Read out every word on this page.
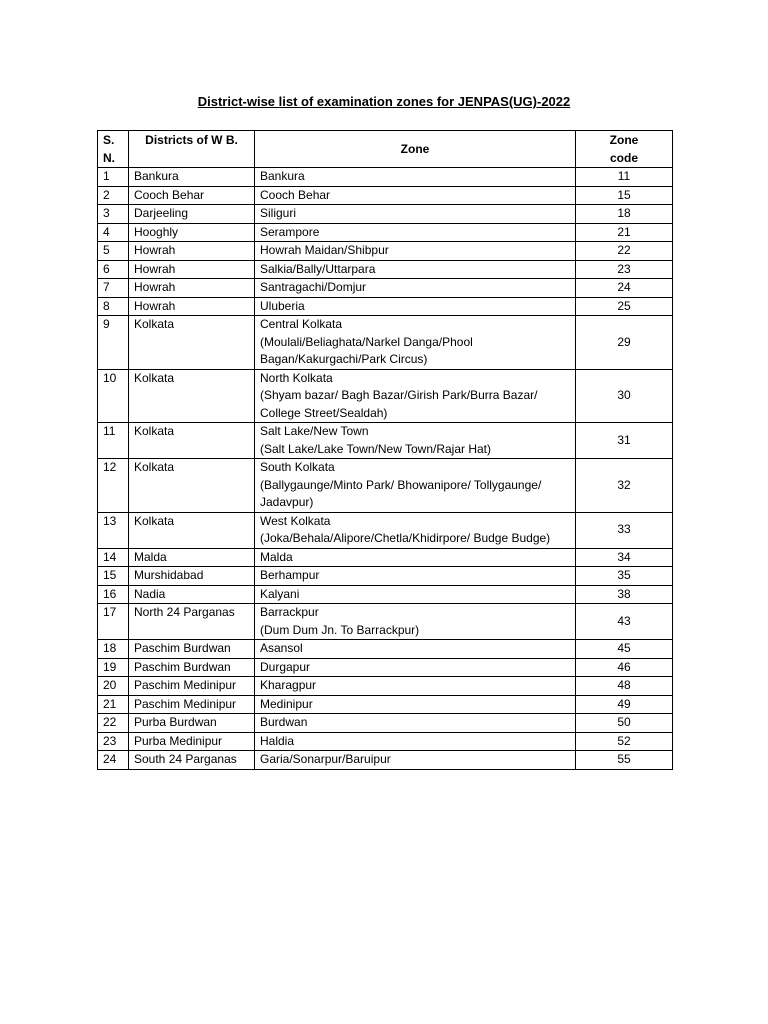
District-wise list of examination zones for JENPAS(UG)-2022
S. N.	Districts of W B.	Zone	Zone code
1	Bankura	Bankura	11
2	Cooch Behar	Cooch Behar	15
3	Darjeeling	Siliguri	18
4	Hooghly	Serampore	21
5	Howrah	Howrah Maidan/Shibpur	22
6	Howrah	Salkia/Bally/Uttarpara	23
7	Howrah	Santragachi/Domjur	24
8	Howrah	Uluberia	25
9	Kolkata	Central Kolkata
(Moulali/Beliaghata/Narkel Danga/Phool
Bagan/Kakurgachi/Park Circus)	29
10	Kolkata	North Kolkata
(Shyam bazar/ Bagh Bazar/Girish Park/Burra Bazar/
College Street/Sealdah)	30
11	Kolkata	Salt Lake/New Town
(Salt Lake/Lake Town/New Town/Rajar Hat)	31
12	Kolkata	South Kolkata
(Ballygaunge/Minto Park/ Bhowanipore/ Tollygaunge/
Jadavpur)	32
13	Kolkata	West Kolkata
(Joka/Behala/Alipore/Chetla/Khidirpore/ Budge Budge)	33
14	Malda	Malda	34
15	Murshidabad	Berhampur	35
16	Nadia	Kalyani	38
17	North 24 Parganas	Barrackpur
(Dum Dum Jn. To Barrackpur)	43
18	Paschim Burdwan	Asansol	45
19	Paschim Burdwan	Durgapur	46
20	Paschim Medinipur	Kharagpur	48
21	Paschim Medinipur	Medinipur	49
22	Purba Burdwan	Burdwan	50
23	Purba Medinipur	Haldia	52
24	South 24 Parganas	Garia/Sonarpur/Baruipur	55
